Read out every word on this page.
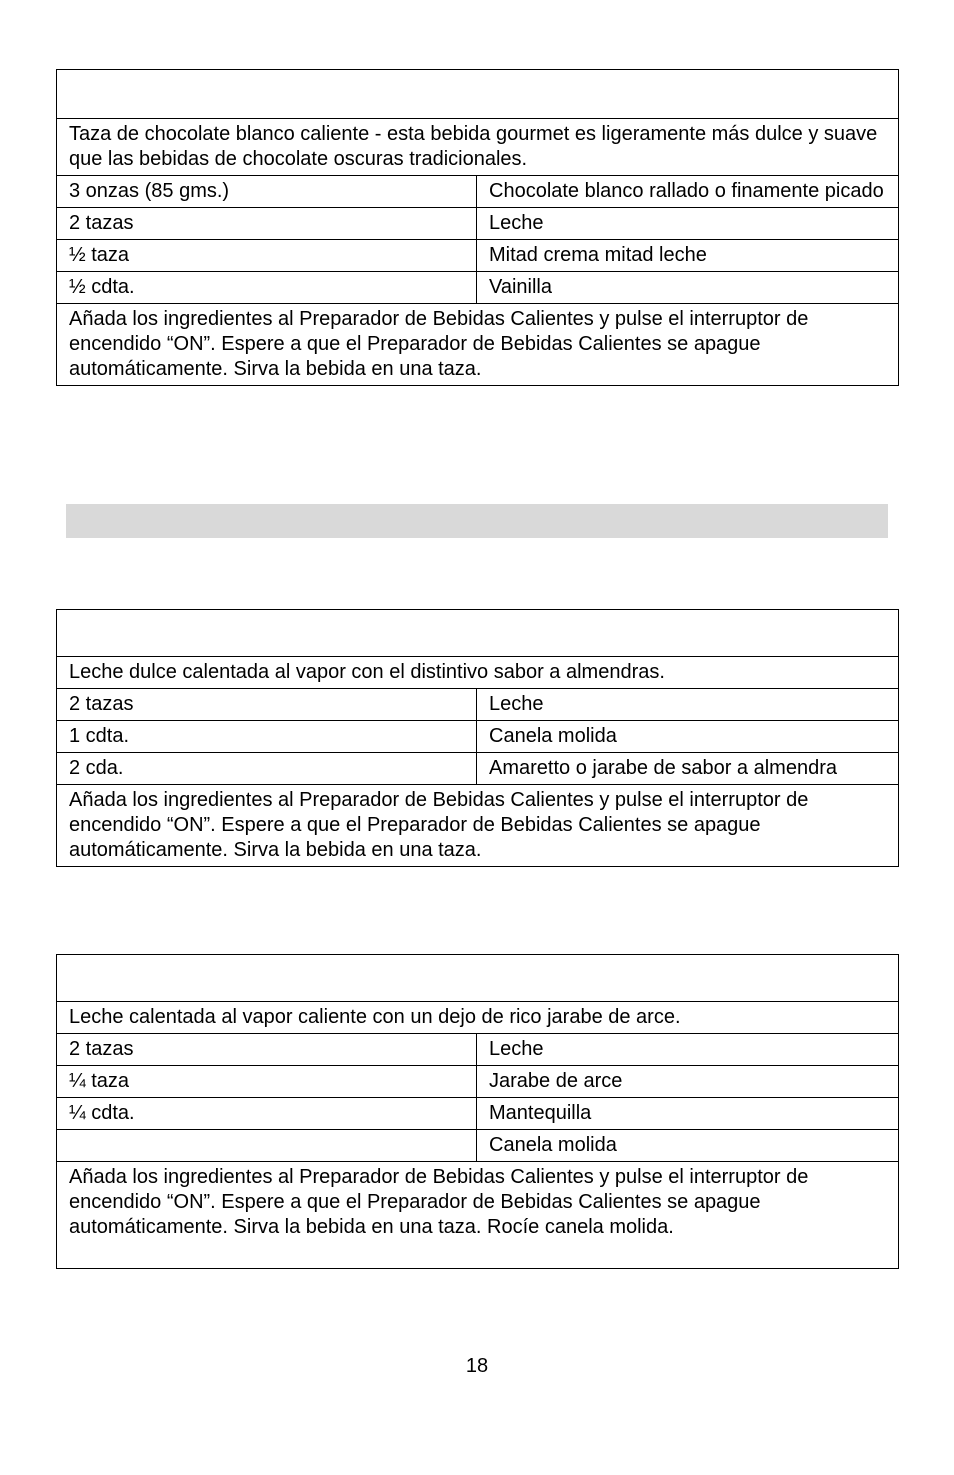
Taza de chocolate blanco caliente - esta bebida gourmet es ligeramente más dulce y suave que las bebidas de chocolate oscuras tradicionales.	
3 onzas (85 gms.)	Chocolate blanco rallado o finamente picado
2 tazas	Leche
½ taza	Mitad crema mitad leche
½ cdta.	Vainilla
Añada los ingredientes al Preparador de Bebidas Calientes y pulse el interruptor de encendido “ON”. Espere a que el Preparador de Bebidas Calientes se apague automáticamente. Sirva la bebida en una taza.	

Leche dulce calentada al vapor con el distintivo sabor a almendras.	
2 tazas	Leche
1 cdta.	Canela molida
2 cda.	Amaretto o jarabe de sabor a almendra
Añada los ingredientes al Preparador de Bebidas Calientes y pulse el interruptor de encendido “ON”. Espere a que el Preparador de Bebidas Calientes se apague automáticamente. Sirva la bebida en una taza.	

Leche calentada al vapor caliente con un dejo de rico jarabe de arce.	
2 tazas	Leche
¼ taza	Jarabe de arce
¼ cdta.	Mantequilla
	Canela molida
Añada los ingredientes al Preparador de Bebidas Calientes y pulse el interruptor de encendido “ON”. Espere a que el Preparador de Bebidas Calientes se apague automáticamente. Sirva la bebida en una taza. Rocíe canela molida.	
18
